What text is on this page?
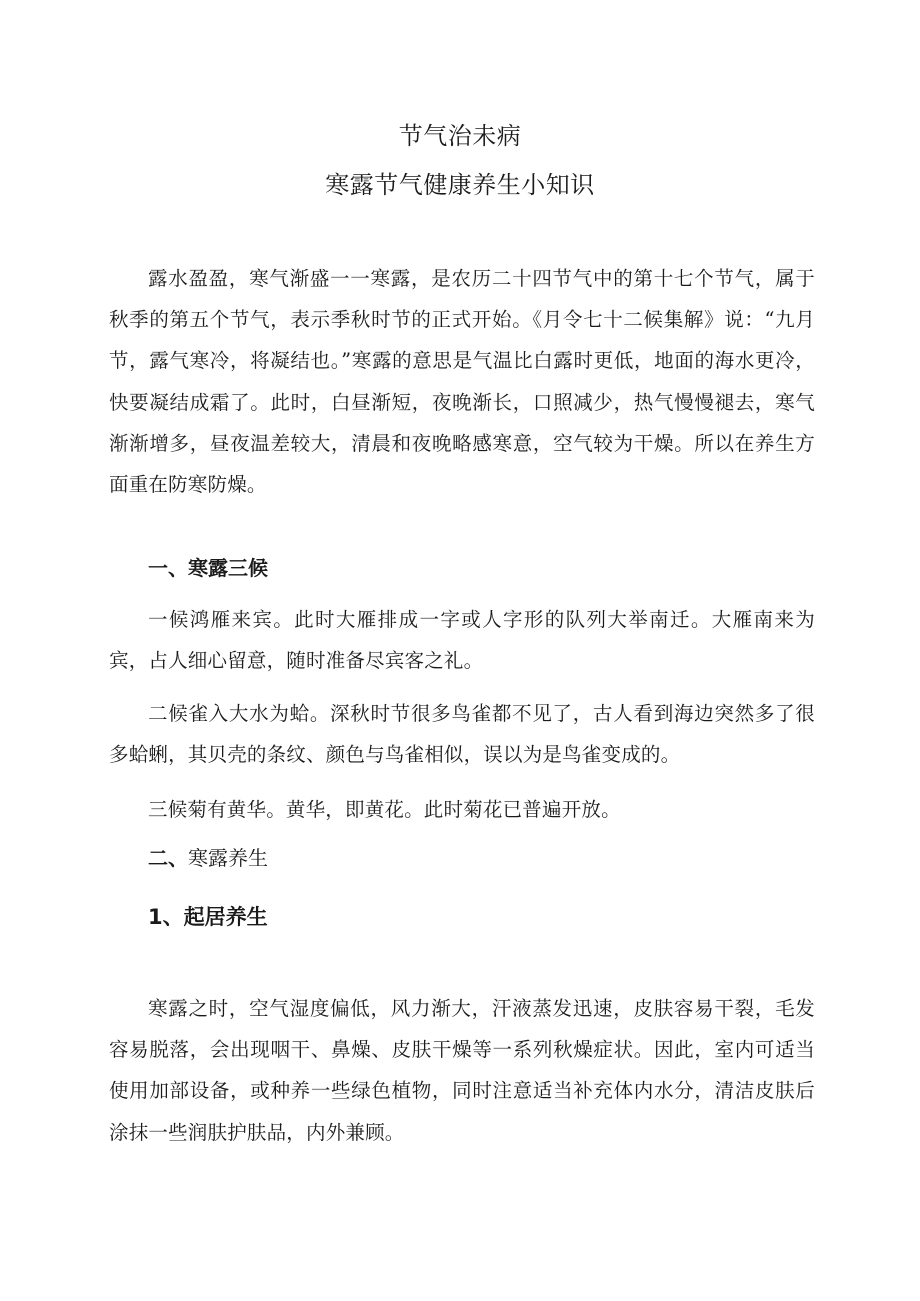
节气治未病
寒露节气健康养生小知识

露水盈盈，寒气渐盛一一寒露，是农历二十四节气中的第十七个节气，属于秋季的第五个节气，表示季秋时节的正式开始。《月令七十二候集解》说：“九月节，露气寒冷，将凝结也。”寒露的意思是气温比白露时更低，地面的海水更冷，快要凝结成霜了。此时，白昼渐短，夜晚渐长，口照减少，热气慢慢褪去，寒气渐渐增多，昼夜温差较大，清晨和夜晚略感寒意，空气较为干燥。所以在养生方面重在防寒防燥。

一、寒露三候

一候鸿雁来宾。此时大雁排成一字或人字形的队列大举南迁。大雁南来为宾，占人细心留意，随时准备尽宾客之礼。

二候雀入大水为蛤。深秋时节很多鸟雀都不见了，古人看到海边突然多了很多蛤蜊，其贝壳的条纹、颜色与鸟雀相似，误以为是鸟雀变成的。

三候菊有黄华。黄华，即黄花。此时菊花已普遍开放。

二、寒露养生
1、起居养生

寒露之时，空气湿度偏低，风力渐大，汗液蒸发迅速，皮肤容易干裂，毛发容易脱落，会出现咽干、鼻燥、皮肤干燥等一系列秋燥症状。因此，室内可适当使用加部设备，或种养一些绿色植物，同时注意适当补充体内水分，清洁皮肤后涂抹一些润肤护肤品，内外兼顾。
